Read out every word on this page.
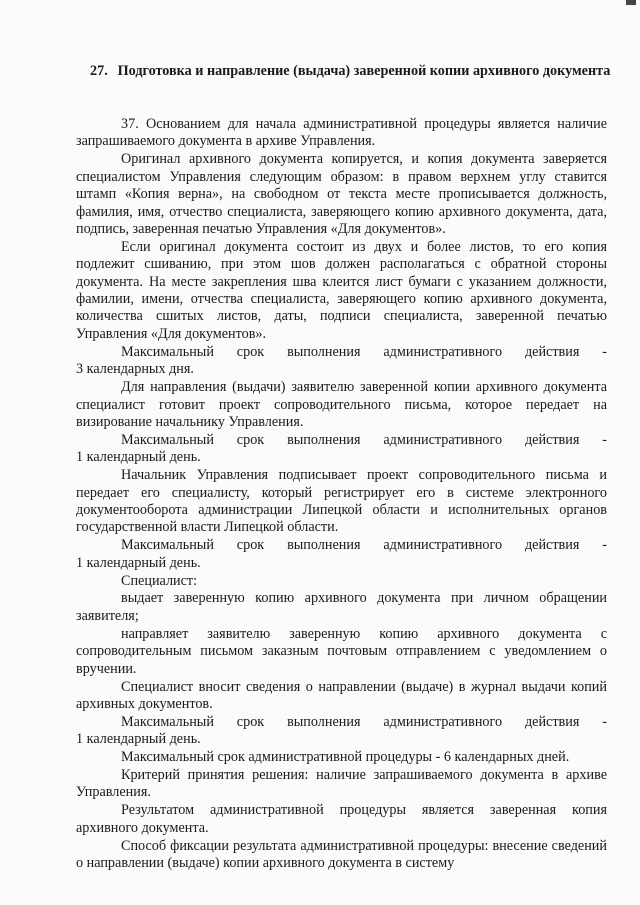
27. Подготовка и направление (выдача) заверенной копии архивного документа

37. Основанием для начала административной процедуры является наличие запрашиваемого документа в архиве Управления.

Оригинал архивного документа копируется, и копия документа заверяется специалистом Управления следующим образом: в правом верхнем углу ставится штамп «Копия верна», на свободном от текста месте прописывается должность, фамилия, имя, отчество специалиста, заверяющего копию архивного документа, дата, подпись, заверенная печатью Управления «Для документов».

Если оригинал документа состоит из двух и более листов, то его копия подлежит сшиванию, при этом шов должен располагаться с обратной стороны документа. На месте закрепления шва клеится лист бумаги с указанием должности, фамилии, имени, отчества специалиста, заверяющего копию архивного документа, количества сшитых листов, даты, подписи специалиста, заверенной печатью Управления «Для документов».

Максимальный срок выполнения административного действия -

3 календарных дня.

Для направления (выдачи) заявителю заверенной копии архивного документа специалист готовит проект сопроводительного письма, которое передает на визирование начальнику Управления.

Максимальный срок выполнения административного действия -

1 календарный день.

Начальник Управления подписывает проект сопроводительного письма и передает его специалисту, который регистрирует его в системе электронного документооборота администрации Липецкой области и исполнительных органов государственной власти Липецкой области.

Максимальный срок выполнения административного действия -

1 календарный день.

Специалист:

выдает заверенную копию архивного документа при личном обращении заявителя;

направляет заявителю заверенную копию архивного документа с сопроводительным письмом заказным почтовым отправлением с уведомлением о вручении.

Специалист вносит сведения о направлении (выдаче) в журнал выдачи копий архивных документов.

Максимальный срок выполнения административного действия -

1 календарный день.

Максимальный срок административной процедуры - 6 календарных дней.

Критерий принятия решения: наличие запрашиваемого документа в архиве Управления.

Результатом административной процедуры является заверенная копия архивного документа.

Способ фиксации результата административной процедуры: внесение сведений о направлении (выдаче) копии архивного документа в систему
